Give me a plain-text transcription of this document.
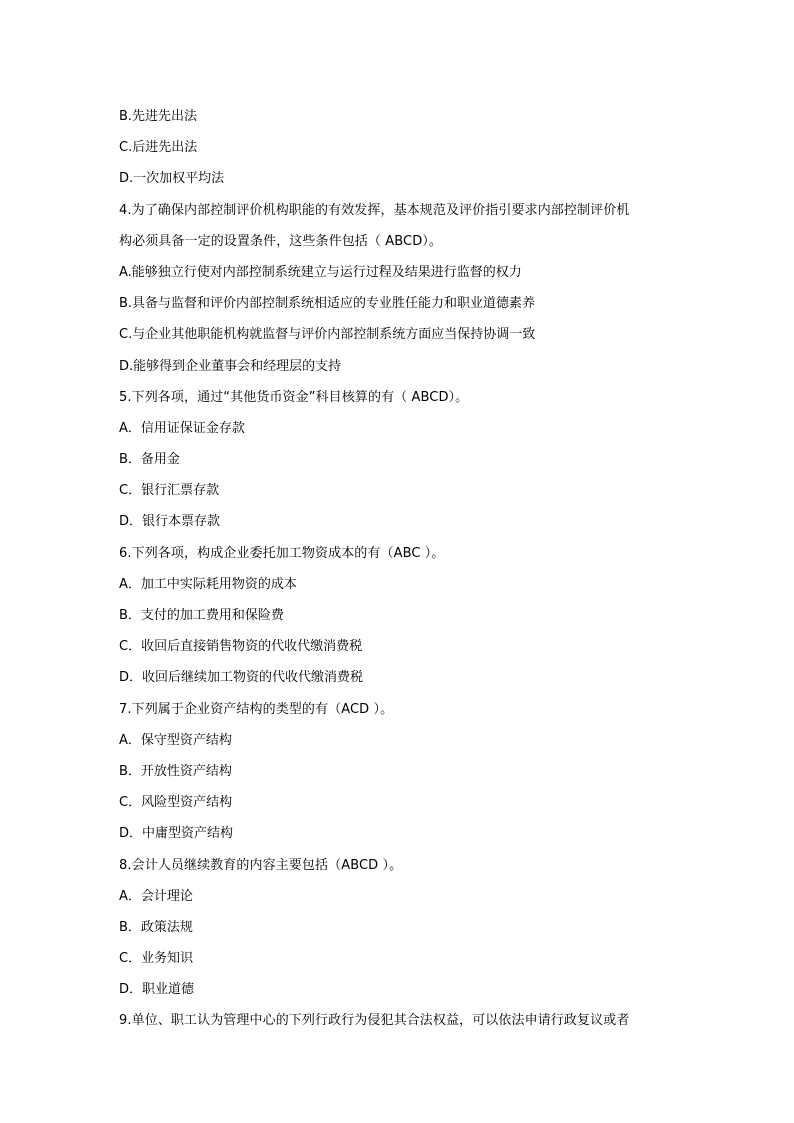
B.先进先出法
C.后进先出法
D.一次加权平均法
4.为了确保内部控制评价机构职能的有效发挥，基本规范及评价指引要求内部控制评价机
构必须具备一定的设置条件，这些条件包括（ ABCD）。
A.能够独立行使对内部控制系统建立与运行过程及结果进行监督的权力
B.具备与监督和评价内部控制系统相适应的专业胜任能力和职业道德素养
C.与企业其他职能机构就监督与评价内部控制系统方面应当保持协调一致
D.能够得到企业董事会和经理层的支持
5.下列各项，通过“其他货币资金”科目核算的有（ ABCD）。
A．信用证保证金存款
B．备用金
C．银行汇票存款
D．银行本票存款
6.下列各项，构成企业委托加工物资成本的有（ABC ）。
A．加工中实际耗用物资的成本
B．支付的加工费用和保险费
C．收回后直接销售物资的代收代缴消费税
D．收回后继续加工物资的代收代缴消费税
7.下列属于企业资产结构的类型的有（ACD ）。
A．保守型资产结构
B．开放性资产结构
C．风险型资产结构
D．中庸型资产结构
8.会计人员继续教育的内容主要包括（ABCD ）。
A．会计理论
B．政策法规
C．业务知识
D．职业道德
9.单位、职工认为管理中心的下列行政行为侵犯其合法权益，可以依法申请行政复议或者
